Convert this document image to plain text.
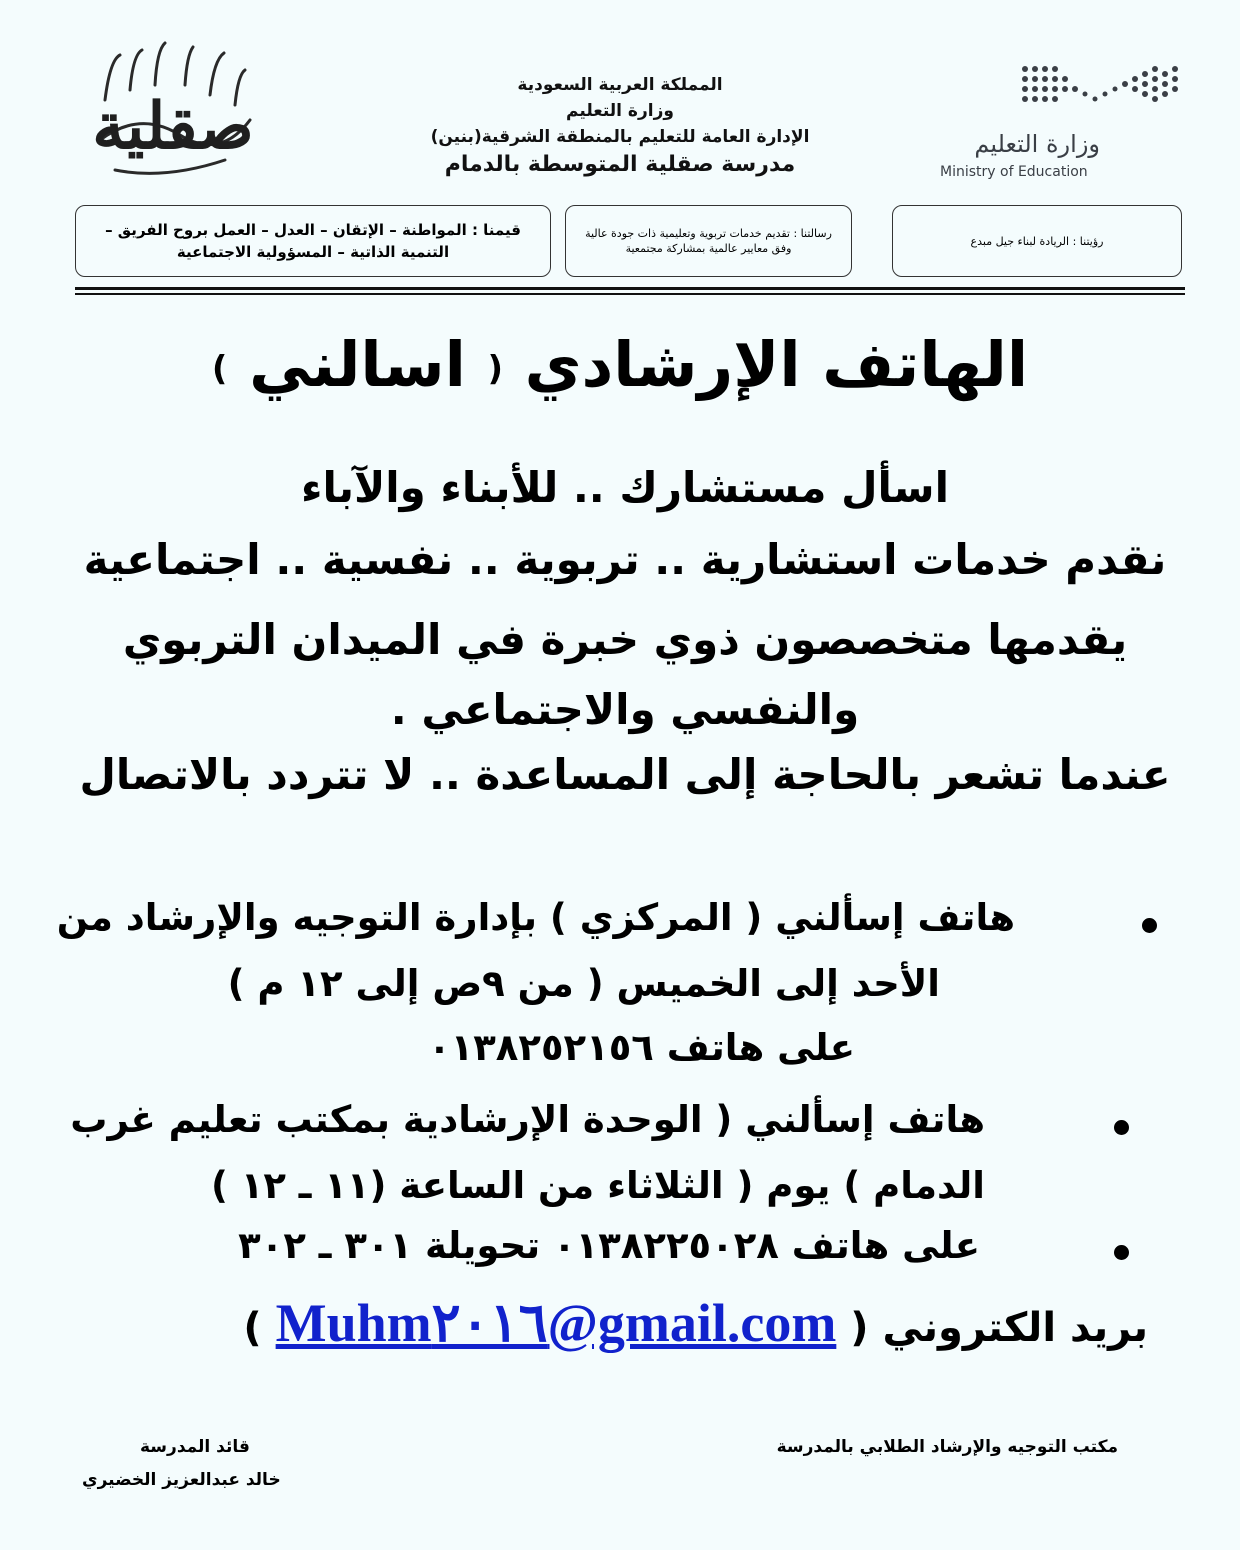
صقلية
المملكة العربية السعودية
وزارة التعليم
الإدارة العامة للتعليم بالمنطقة الشرقية(بنين)
مدرسة صقلية المتوسطة بالدمام
وزارة التعليم
Ministry of Education
قيمنا : المواطنة – الإتقان – العدل – العمل بروح الفريق – التنمية الذاتية – المسؤولية الاجتماعية
رسالتنا : تقديم خدمات تربوية وتعليمية ذات جودة عالية وفق معايير عالمية بمشاركة مجتمعية
رؤيتنا : الريادة لبناء جيل مبدع
الهاتف الإرشادي ( اسالني )
اسأل مستشارك .. للأبناء والآباء
نقدم خدمات استشارية .. تربوية .. نفسية .. اجتماعية
يقدمها متخصصون ذوي خبرة في الميدان التربوي
والنفسي والاجتماعي .
عندما تشعر بالحاجة إلى المساعدة .. لا تتردد بالاتصال
هاتف إسألني ( المركزي ) بإدارة التوجيه والإرشاد من
الأحد إلى الخميس ( من ٩ص إلى ١٢ م )
على هاتف ٠١٣٨٢٥٢١٥٦
هاتف إسألني ( الوحدة الإرشادية بمكتب تعليم غرب
الدمام ) يوم ( الثلاثاء من الساعة (١١ ـ ١٢ )
على هاتف ٠١٣٨٢٢٥٠٢٨ تحويلة ٣٠١ ـ ٣٠٢
بريد الكتروني ( Muhm٢٠١٦@gmail.com )
مكتب التوجيه والإرشاد الطلابي بالمدرسة
قائد المدرسة
خالد عبدالعزيز الخضيري
